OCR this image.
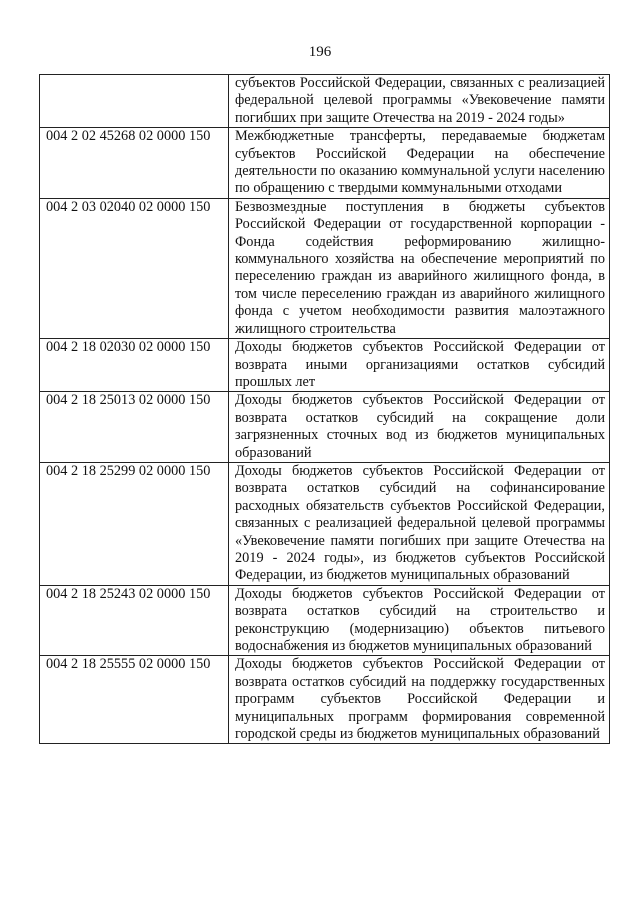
196
	субъектов Российской Федерации, связанных с реализацией федеральной целевой программы «Увековечение памяти погибших при защите Отечества на 2019 - 2024 годы»
004 2 02 45268 02 0000 150	Межбюджетные трансферты, передаваемые бюджетам субъектов Российской Федерации на обеспечение деятельности по оказанию коммунальной услуги населению по обращению с твердыми коммунальными отходами
004 2 03 02040 02 0000 150	Безвозмездные поступления в бюджеты субъектов Российской Федерации от государственной корпорации - Фонда содействия реформированию жилищно-коммунального хозяйства на обеспечение мероприятий по переселению граждан из аварийного жилищного фонда, в том числе переселению граждан из аварийного жилищного фонда с учетом необходимости развития малоэтажного жилищного строительства
004 2 18 02030 02 0000 150	Доходы бюджетов субъектов Российской Федерации от возврата иными организациями остатков субсидий прошлых лет
004 2 18 25013 02 0000 150	Доходы бюджетов субъектов Российской Федерации от возврата остатков субсидий на сокращение доли загрязненных сточных вод из бюджетов муниципальных образований
004 2 18 25299 02 0000 150	Доходы бюджетов субъектов Российской Федерации от возврата остатков субсидий на софинансирование расходных обязательств субъектов Российской Федерации, связанных с реализацией федеральной целевой программы «Увековечение памяти погибших при защите Отечества на 2019 - 2024 годы», из бюджетов субъектов Российской Федерации, из бюджетов муниципальных образований
004 2 18 25243 02 0000 150	Доходы бюджетов субъектов Российской Федерации от возврата остатков субсидий на строительство и реконструкцию (модернизацию) объектов питьевого водоснабжения из бюджетов муниципальных образований
004 2 18 25555 02 0000 150	Доходы бюджетов субъектов Российской Федерации от возврата остатков субсидий на поддержку государственных программ субъектов Российской Федерации и муниципальных программ формирования современной городской среды из бюджетов муниципальных образований
